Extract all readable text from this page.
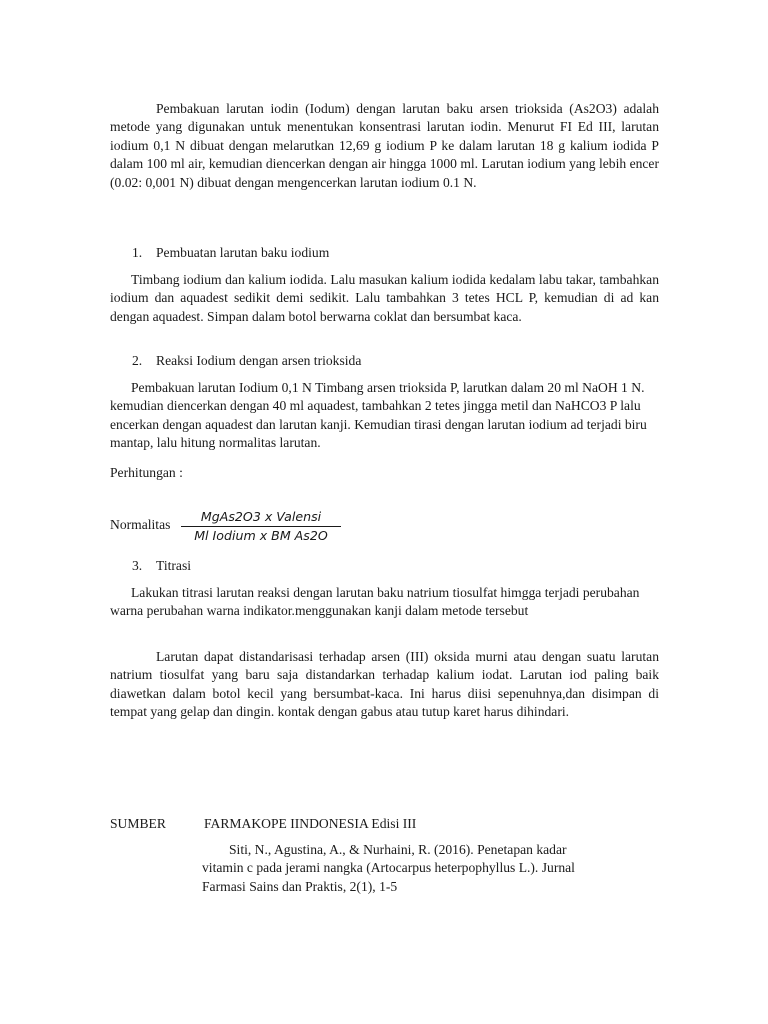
Pembakuan larutan iodin (Iodum) dengan larutan baku arsen trioksida (As2O3) adalah metode yang digunakan untuk menentukan konsentrasi larutan iodin. Menurut FI Ed III, larutan iodium 0,1 N dibuat dengan melarutkan 12,69 g iodium P ke dalam larutan 18 g kalium iodida P dalam 100 ml air, kemudian diencerkan dengan air hingga 1000 ml. Larutan iodium yang lebih encer (0.02: 0,001 N) dibuat dengan mengencerkan larutan iodium 0.1 N.

1. Pembuatan larutan baku iodium

Timbang iodium dan kalium iodida. Lalu masukan kalium iodida kedalam labu takar, tambahkan iodium dan aquadest sedikit demi sedikit. Lalu tambahkan 3 tetes HCL P, kemudian di ad kan dengan aquadest. Simpan dalam botol berwarna coklat dan bersumbat kaca.

2. Reaksi Iodium dengan arsen trioksida

Pembakuan larutan Iodium 0,1 N Timbang arsen trioksida P, larutkan dalam 20 ml NaOH 1 N. kemudian diencerkan dengan 40 ml aquadest, tambahkan 2 tetes jingga metil dan NaHCO3 P lalu encerkan dengan aquadest dan larutan kanji. Kemudian tirasi dengan larutan iodium ad terjadi biru mantap, lalu hitung normalitas larutan.

Perhitungan :

Normalitas
MgAs2O3 x Valensi
Ml Iodium x BM As2O
3. Titrasi

Lakukan titrasi larutan reaksi dengan larutan baku natrium tiosulfat himgga terjadi perubahan warna perubahan warna indikator.menggunakan kanji dalam metode tersebut

Larutan dapat distandarisasi terhadap arsen (III) oksida murni atau dengan suatu larutan natrium tiosulfat yang baru saja distandarkan terhadap kalium iodat. Larutan iod paling baik diawetkan dalam botol kecil yang bersumbat-kaca. Ini harus diisi sepenuhnya,dan disimpan di tempat yang gelap dan dingin. kontak dengan gabus atau tutup karet harus dihindari.

SUMBER	FARMAKOPE IINDONESIA Edisi III

Siti, N., Agustina, A., & Nurhaini, R. (2016). Penetapan kadar

vitamin c pada jerami nangka (Artocarpus heterpophyllus L.). Jurnal

Farmasi Sains dan Praktis, 2(1), 1-5
